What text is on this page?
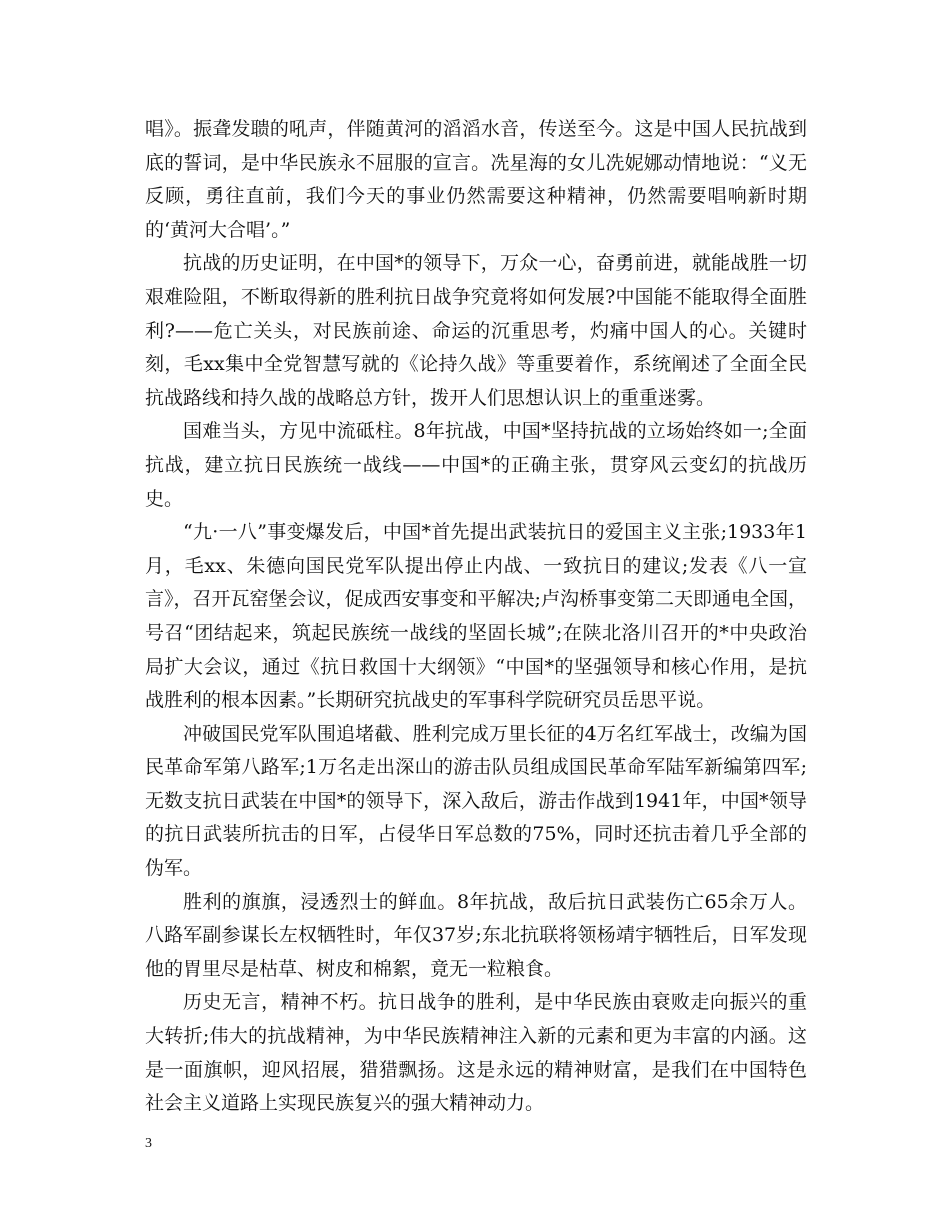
唱》。振聋发聩的吼声，伴随黄河的滔滔水音，传送至今。这是中国人民抗战到底的誓词，是中华民族永不屈服的宣言。冼星海的女儿冼妮娜动情地说：“义无反顾，勇往直前，我们今天的事业仍然需要这种精神，仍然需要唱响新时期的‘黄河大合唱’。”

抗战的历史证明，在中国*的领导下，万众一心，奋勇前进，就能战胜一切艰难险阻，不断取得新的胜利抗日战争究竟将如何发展?中国能不能取得全面胜利?——危亡关头，对民族前途、命运的沉重思考，灼痛中国人的心。关键时刻，毛xx集中全党智慧写就的《论持久战》等重要着作，系统阐述了全面全民抗战路线和持久战的战略总方针，拨开人们思想认识上的重重迷雾。

国难当头，方见中流砥柱。8年抗战，中国*坚持抗战的立场始终如一;全面抗战，建立抗日民族统一战线——中国*的正确主张，贯穿风云变幻的抗战历史。

“九·一八”事变爆发后，中国*首先提出武装抗日的爱国主义主张;1933年1月，毛xx、朱德向国民党军队提出停止内战、一致抗日的建议;发表《八一宣言》，召开瓦窑堡会议，促成西安事变和平解决;卢沟桥事变第二天即通电全国，号召“团结起来，筑起民族统一战线的坚固长城”;在陕北洛川召开的*中央政治局扩大会议，通过《抗日救国十大纲领》“中国*的坚强领导和核心作用，是抗战胜利的根本因素。”长期研究抗战史的军事科学院研究员岳思平说。

冲破国民党军队围追堵截、胜利完成万里长征的4万名红军战士，改编为国民革命军第八路军;1万名走出深山的游击队员组成国民革命军陆军新编第四军;无数支抗日武装在中国*的领导下，深入敌后，游击作战到1941年，中国*领导的抗日武装所抗击的日军，占侵华日军总数的75%，同时还抗击着几乎全部的伪军。

胜利的旗旗，浸透烈士的鲜血。8年抗战，敌后抗日武装伤亡65余万人。八路军副参谋长左权牺牲时，年仅37岁;东北抗联将领杨靖宇牺牲后，日军发现他的胃里尽是枯草、树皮和棉絮，竟无一粒粮食。

历史无言，精神不朽。抗日战争的胜利，是中华民族由衰败走向振兴的重大转折;伟大的抗战精神，为中华民族精神注入新的元素和更为丰富的内涵。这是一面旗帜，迎风招展，猎猎飘扬。这是永远的精神财富，是我们在中国特色社会主义道路上实现民族复兴的强大精神动力。

3
